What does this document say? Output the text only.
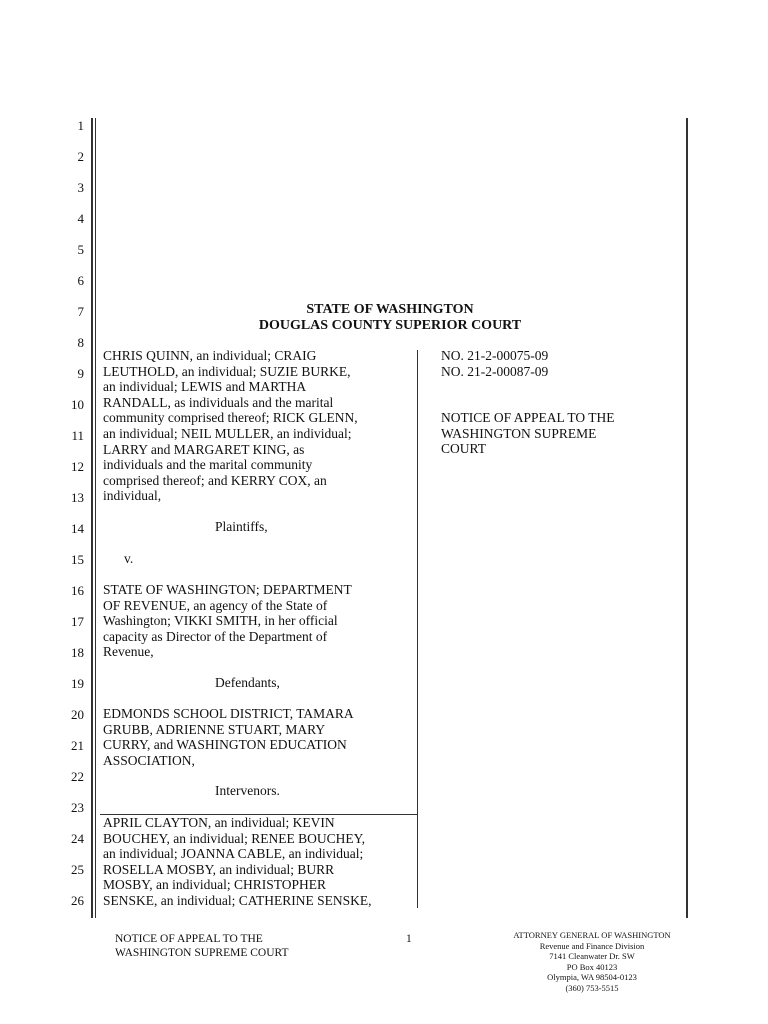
1
2
3
4
5
6
7
8
9
10
11
12
13
14
15
16
17
18
19
20
21
22
23
24
25
26
STATE OF WASHINGTON
DOUGLAS COUNTY SUPERIOR COURT
CHRIS QUINN, an individual; CRAIG
LEUTHOLD, an individual; SUZIE BURKE,
an individual; LEWIS and MARTHA
RANDALL, as individuals and the marital
community comprised thereof; RICK GLENN,
an individual; NEIL MULLER, an individual;
LARRY and MARGARET KING, as
individuals and the marital community
comprised thereof; and KERRY COX, an
individual,
Plaintiffs,
v.
STATE OF WASHINGTON; DEPARTMENT
OF REVENUE, an agency of the State of
Washington; VIKKI SMITH, in her official
capacity as Director of the Department of
Revenue,
Defendants,
EDMONDS SCHOOL DISTRICT, TAMARA
GRUBB, ADRIENNE STUART, MARY
CURRY, and WASHINGTON EDUCATION
ASSOCIATION,
Intervenors.
APRIL CLAYTON, an individual; KEVIN
BOUCHEY, an individual; RENEE BOUCHEY,
an individual; JOANNA CABLE, an individual;
ROSELLA MOSBY, an individual; BURR
MOSBY, an individual; CHRISTOPHER
SENSKE, an individual; CATHERINE SENSKE,
NO. 21-2-00075-09
NO. 21-2-00087-09
NOTICE OF APPEAL TO THE
WASHINGTON SUPREME
COURT
NOTICE OF APPEAL TO THE
WASHINGTON SUPREME COURT
1	ATTORNEY GENERAL OF WASHINGTON
Revenue and Finance Division
7141 Cleanwater Dr. SW
PO Box 40123
Olympia, WA 98504-0123
(360) 753-5515
